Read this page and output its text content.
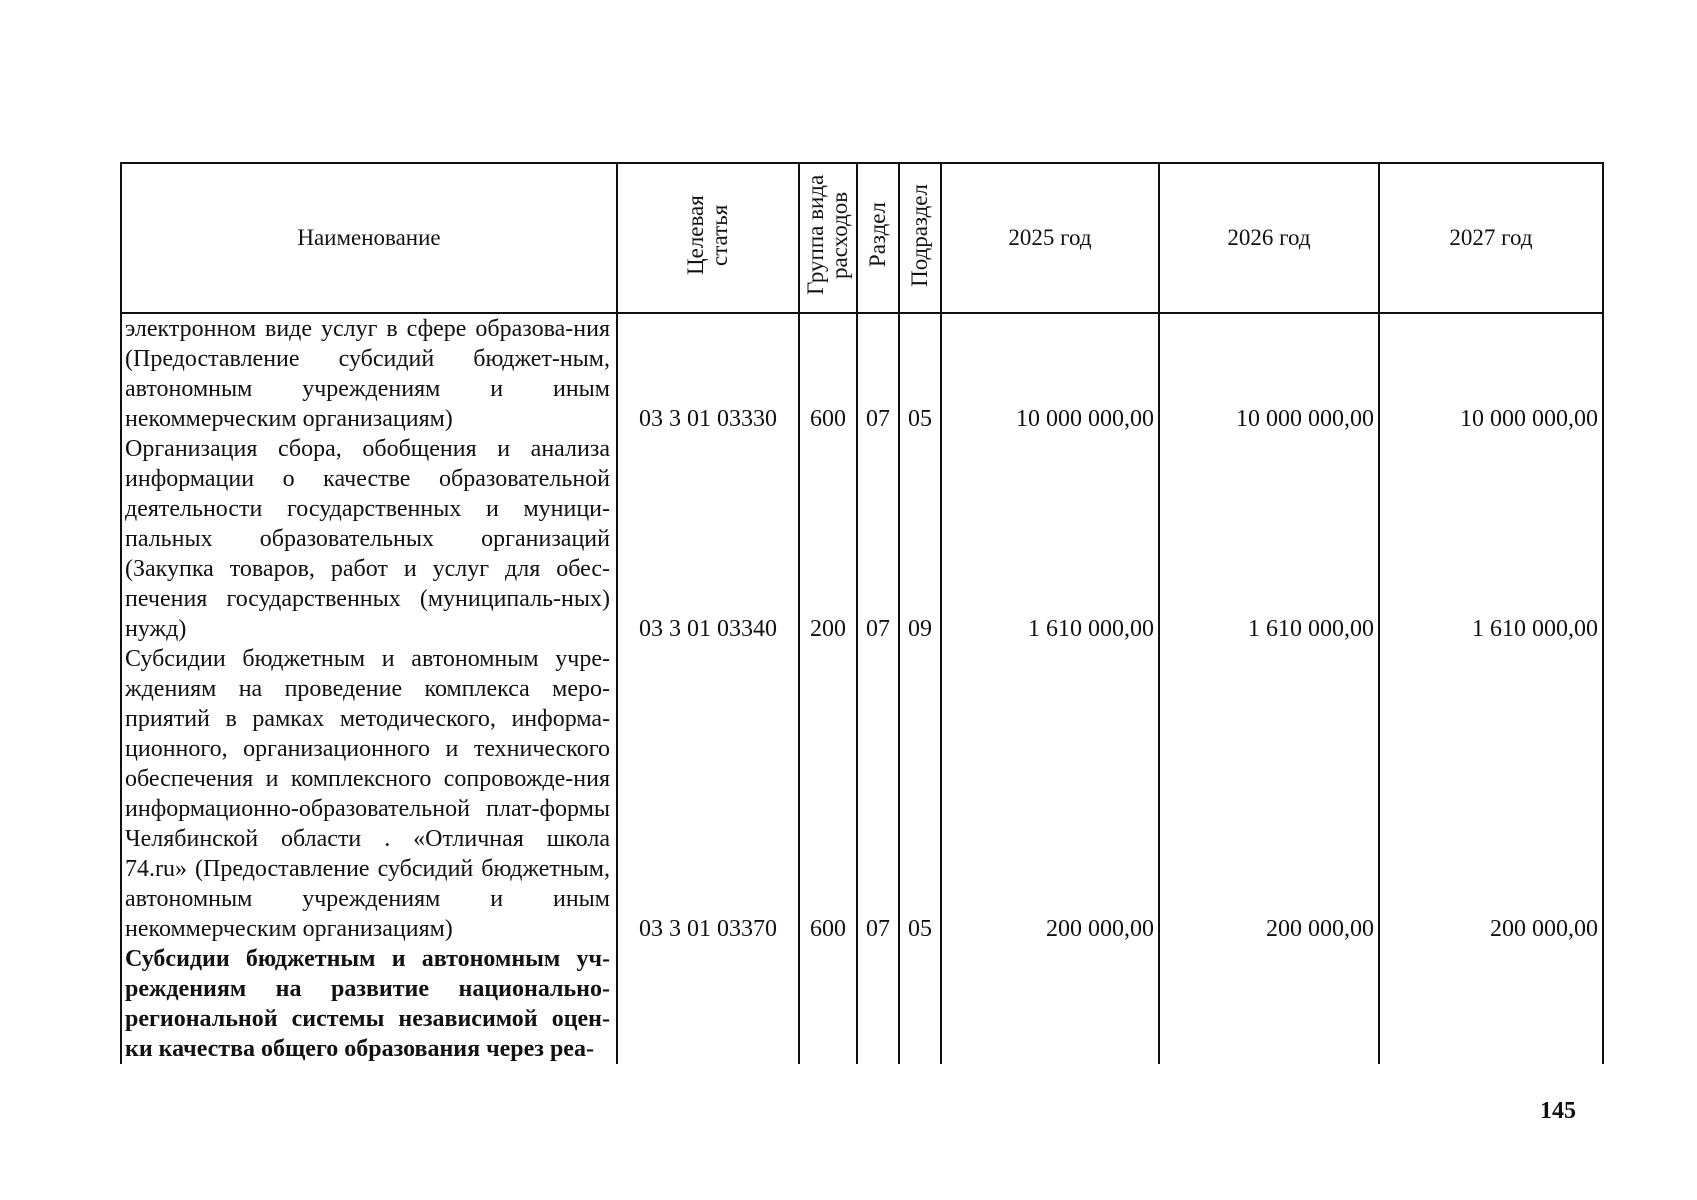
Наименование	Целевая статья	Группа вида расходов	Раздел	Подраздел	2025 год	2026 год	2027 год
электронном виде услуг в сфере образова-ния (Предоставление субсидий бюджет-ным, автономным учреждениям и иным некоммерческим организациям)	03 3 01 03330	600	07	05	10 000 000,00	10 000 000,00	10 000 000,00
Организация сбора, обобщения и анализа информации о качестве образовательной деятельности государственных и муници-пальных образовательных организаций (Закупка товаров, работ и услуг для обес-печения государственных (муниципаль-ных) нужд)	03 3 01 03340	200	07	09	1 610 000,00	1 610 000,00	1 610 000,00
Субсидии бюджетным и автономным учре-ждениям на проведение комплекса меро-приятий в рамках методического, информа-ционного, организационного и технического обеспечения и комплексного сопровожде-ния информационно-образовательной плат-формы Челябинской области . «Отличная школа 74.ru» (Предоставление субсидий бюджетным, автономным учреждениям и иным некоммерческим организациям)	03 3 01 03370	600	07	05	200 000,00	200 000,00	200 000,00
Субсидии бюджетным и автономным уч-реждениям на развитие национально-региональной системы независимой оцен-ки качества общего образования через реа-							
145
